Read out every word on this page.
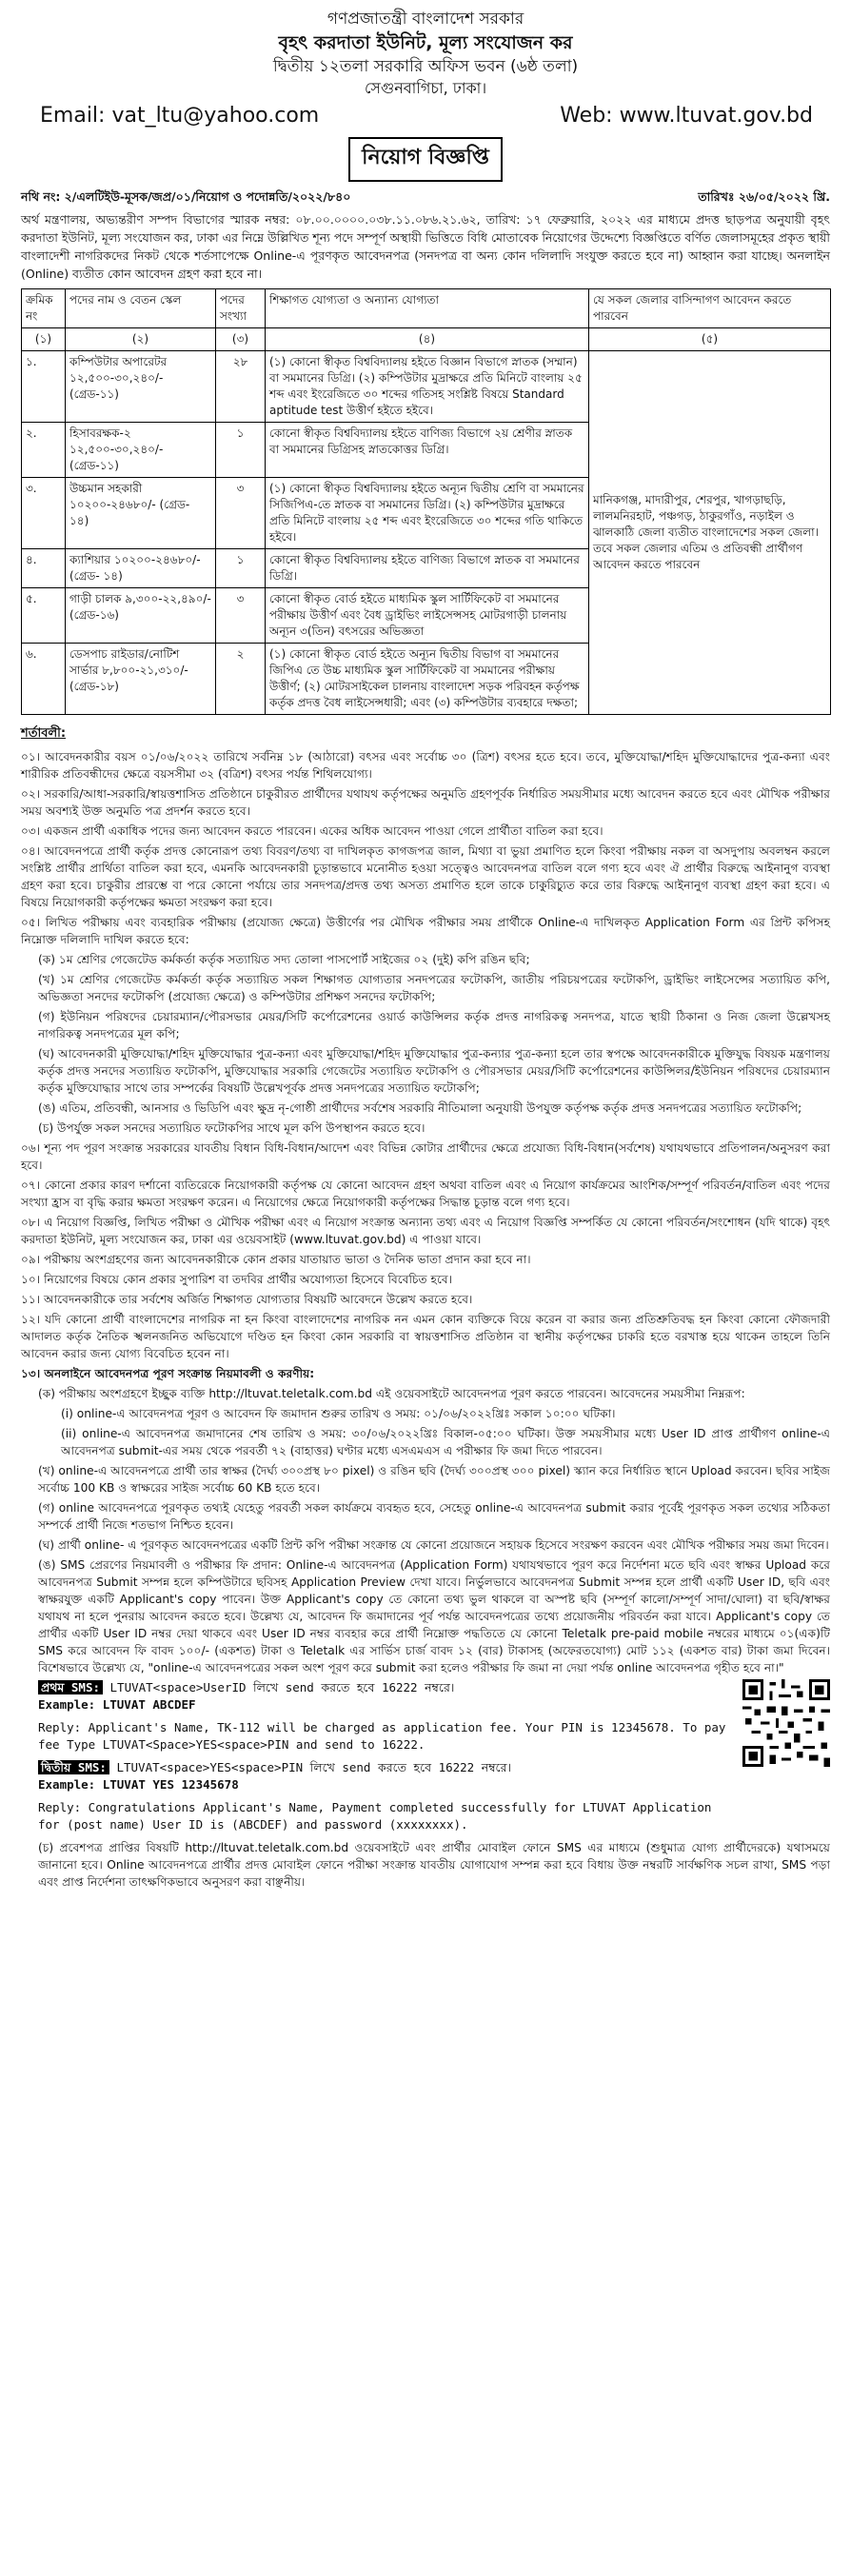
গণপ্রজাতন্ত্রী বাংলাদেশ সরকার
বৃহৎ করদাতা ইউনিট, মূল্য সংযোজন কর
দ্বিতীয় ১২তলা সরকারি অফিস ভবন (৬ষ্ঠ তলা)
সেগুনবাগিচা, ঢাকা।
Email: vat_ltu@yahoo.com	Web: www.ltuvat.gov.bd
নিয়োগ বিজ্ঞপ্তি
নথি নং: ২/এলটিইউ-মূসক/জপ্র/০১/নিয়োগ ও পদোন্নতি/২০২২/৮৪০	তারিখঃ ২৬/০৫/২০২২ খ্রি.

অর্থ মন্ত্রণালয়, অভ্যন্তরীণ সম্পদ বিভাগের স্মারক নম্বর: ০৮.০০.০০০০.০৩৮.১১.০৮৬.২১.৬২, তারিখ: ১৭ ফেব্রুয়ারি, ২০২২ এর মাধ্যমে প্রদত্ত ছাড়পত্র অনুযায়ী বৃহৎ করদাতা ইউনিট, মূল্য সংযোজন কর, ঢাকা এর নিম্নে উল্লিখিত শূন্য পদে সম্পূর্ণ অস্থায়ী ভিত্তিতে বিধি মোতাবেক নিয়োগের উদ্দেশ্যে বিজ্ঞপ্তিতে বর্ণিত জেলাসমূহের প্রকৃত স্থায়ী বাংলাদেশী নাগরিকদের নিকট থেকে শর্তসাপেক্ষে Online-এ পূরণকৃত আবেদনপত্র (সনদপত্র বা অন্য কোন দলিলাদি সংযুক্ত করতে হবে না) আহ্বান করা যাচ্ছে। অনলাইন (Online) ব্যতীত কোন আবেদন গ্রহণ করা হবে না।

ক্রমিক নং	পদের নাম ও বেতন স্কেল	পদের সংখ্যা	শিক্ষাগত যোগ্যতা ও অন্যান্য যোগ্যতা	যে সকল জেলার বাসিন্দাগণ আবেদন করতে পারবেন
(১)	(২)	(৩)	(৪)	(৫)
১.	কম্পিউটার অপারেটর ১২,৫০০-৩০,২৪০/- (গ্রেড-১১)	২৮	(১) কোনো স্বীকৃত বিশ্ববিদ্যালয় হইতে বিজ্ঞান বিভাগে স্নাতক (সম্মান) বা সমমানের ডিগ্রি। (২) কম্পিউটার মুদ্রাক্ষরে প্রতি মিনিটে বাংলায় ২৫ শব্দ এবং ইংরেজিতে ৩০ শব্দের গতিসহ সংশ্লিষ্ট বিষয়ে Standard aptitude test উত্তীর্ণ হইতে হইবে।	মানিকগঞ্জ, মাদারীপুর, শেরপুর, খাগড়াছড়ি, লালমনিরহাট, পঞ্চগড়, ঠাকুরগাঁও, নড়াইল ও ঝালকাঠি জেলা ব্যতীত বাংলাদেশের সকল জেলা। তবে সকল জেলার এতিম ও প্রতিবন্ধী প্রার্থীগণ আবেদন করতে পারবেন
২.	হিসাবরক্ষক-২ ১২,৫০০-৩০,২৪০/- (গ্রেড-১১)	১	কোনো স্বীকৃত বিশ্ববিদ্যালয় হইতে বাণিজ্য বিভাগে ২য় শ্রেণীর স্নাতক বা সমমানের ডিগ্রিসহ স্নাতকোত্তর ডিগ্রি।	
৩.	উচ্চমান সহকারী ১০২০০-২৪৬৮০/- (গ্রেড- ১৪)	৩	(১) কোনো স্বীকৃত বিশ্ববিদ্যালয় হইতে অন্যূন দ্বিতীয় শ্রেণি বা সমমানের সিজিপিএ-তে স্নাতক বা সমমানের ডিগ্রি। (২) কম্পিউটার মুদ্রাক্ষরে প্রতি মিনিটে বাংলায় ২৫ শব্দ এবং ইংরেজিতে ৩০ শব্দের গতি থাকিতে হইবে।	
৪.	ক্যাশিয়ার ১০২০০-২৪৬৮০/- (গ্রেড- ১৪)	১	কোনো স্বীকৃত বিশ্ববিদ্যালয় হইতে বাণিজ্য বিভাগে স্নাতক বা সমমানের ডিগ্রি।	
৫.	গাড়ী চালক ৯,৩০০-২২,৪৯০/- (গ্রেড-১৬)	৩	কোনো স্বীকৃত বোর্ড হইতে মাধ্যমিক স্কুল সার্টিফিকেট বা সমমানের পরীক্ষায় উত্তীর্ণ এবং বৈধ ড্রাইভিং লাইসেন্সসহ মোটরগাড়ী চালনায় অন্যূন ৩(তিন) বৎসরের অভিজ্ঞতা	
৬.	ডেসপাচ রাইডার/নোটিশ সার্ভার ৮,৮০০-২১,৩১০/- (গ্রেড-১৮)	২	(১) কোনো স্বীকৃত বোর্ড হইতে অন্যূন দ্বিতীয় বিভাগ বা সমমানের জিপিএ তে উচ্চ মাধ্যমিক স্কুল সার্টিফিকেট বা সমমানের পরীক্ষায় উত্তীর্ণ; (২) মোটরসাইকেল চালনায় বাংলাদেশ সড়ক পরিবহন কর্তৃপক্ষ কর্তৃক প্রদত্ত বৈধ লাইসেন্সধারী; এবং (৩) কম্পিউটার ব্যবহারে দক্ষতা;	
শর্তাবলী:
০১। আবেদনকারীর বয়স ০১/০৬/২০২২ তারিখে সর্বনিম্ন ১৮ (আঠারো) বৎসর এবং সর্বোচ্চ ৩০ (ত্রিশ) বৎসর হতে হবে। তবে, মুক্তিযোদ্ধা/শহিদ মুক্তিযোদ্ধাদের পুত্র-কন্যা এবং শারীরিক প্রতিবন্ধীদের ক্ষেত্রে বয়সসীমা ৩২ (বত্রিশ) বৎসর পর্যন্ত শিথিলযোগ্য।
০২। সরকারি/আধা-সরকারি/স্বায়ত্তশাসিত প্রতিষ্ঠানে চাকুরীরত প্রার্থীদের যথাযথ কর্তৃপক্ষের অনুমতি গ্রহণপূর্বক নির্ধারিত সময়সীমার মধ্যে আবেদন করতে হবে এবং মৌখিক পরীক্ষার সময় অবশ্যই উক্ত অনুমতি পত্র প্রদর্শন করতে হবে।
০৩। একজন প্রার্থী একাধিক পদের জন্য আবেদন করতে পারবেন। একের অধিক আবেদন পাওয়া গেলে প্রার্থীতা বাতিল করা হবে।
০৪। আবেদনপত্রে প্রার্থী কর্তৃক প্রদত্ত কোনোরূপ তথ্য বিবরণ/তথ্য বা দাখিলকৃত কাগজপত্র জাল, মিথ্যা বা ভুয়া প্রমাণিত হলে কিংবা পরীক্ষায় নকল বা অসদুপায় অবলম্বন করলে সংশ্লিষ্ট প্রার্থীর প্রার্থিতা বাতিল করা হবে, এমনকি আবেদনকারী চূড়ান্তভাবে মনোনীত হওয়া সত্ত্বেও আবেদনপত্র বাতিল বলে গণ্য হবে এবং ঐ প্রার্থীর বিরুদ্ধে আইনানুগ ব্যবস্থা গ্রহণ করা হবে। চাকুরীর প্রারম্ভে বা পরে কোনো পর্যায়ে তার সনদপত্র/প্রদত্ত তথ্য অসত্য প্রমাণিত হলে তাকে চাকুরিচ্যুত করে তার বিরুদ্ধে আইনানুগ ব্যবস্থা গ্রহণ করা হবে। এ বিষয়ে নিয়োগকারী কর্তৃপক্ষের ক্ষমতা সংরক্ষণ করা হবে।
০৫। লিখিত পরীক্ষায় এবং ব্যবহারিক পরীক্ষায় (প্রযোজ্য ক্ষেত্রে) উত্তীর্ণের পর মৌখিক পরীক্ষার সময় প্রার্থীকে Online-এ দাখিলকৃত Application Form এর প্রিন্ট কপিসহ নিম্নোক্ত দলিলাদি দাখিল করতে হবে:
(ক) ১ম শ্রেণির গেজেটেড কর্মকর্তা কর্তৃক সত্যায়িত সদ্য তোলা পাসপোর্ট সাইজের ০২ (দুই) কপি রঙিন ছবি;
(খ) ১ম শ্রেণির গেজেটেড কর্মকর্তা কর্তৃক সত্যায়িত সকল শিক্ষাগত যোগ্যতার সনদপত্রের ফটোকপি, জাতীয় পরিচয়পত্রের ফটোকপি, ড্রাইভিং লাইসেন্সের সত্যায়িত কপি, অভিজ্ঞতা সনদের ফটোকপি (প্রযোজ্য ক্ষেত্রে) ও কম্পিউটার প্রশিক্ষণ সনদের ফটোকপি;
(গ) ইউনিয়ন পরিষদের চেয়ারম্যান/পৌরসভার মেয়র/সিটি কর্পোরেশনের ওয়ার্ড কাউন্সিলর কর্তৃক প্রদত্ত নাগরিকত্ব সনদপত্র, যাতে স্থায়ী ঠিকানা ও নিজ জেলা উল্লেখসহ নাগরিকত্ব সনদপত্রের মূল কপি;
(ঘ) আবেদনকারী মুক্তিযোদ্ধা/শহিদ মুক্তিযোদ্ধার পুত্র-কন্যা এবং মুক্তিযোদ্ধা/শহিদ মুক্তিযোদ্ধার পুত্র-কন্যার পুত্র-কন্যা হলে তার স্বপক্ষে আবেদনকারীকে মুক্তিযুদ্ধ বিষয়ক মন্ত্রণালয় কর্তৃক প্রদত্ত সনদের সত্যায়িত ফটোকপি, মুক্তিযোদ্ধার সরকারি গেজেটের সত্যায়িত ফটোকপি ও পৌরসভার মেয়র/সিটি কর্পোরেশনের কাউন্সিলর/ইউনিয়ন পরিষদের চেয়ারম্যান কর্তৃক মুক্তিযোদ্ধার সাথে তার সম্পর্কের বিষয়টি উল্লেখপূর্বক প্রদত্ত সনদপত্রের সত্যায়িত ফটোকপি;
(ঙ) এতিম, প্রতিবন্ধী, আনসার ও ভিডিপি এবং ক্ষুদ্র নৃ-গোষ্ঠী প্রার্থীদের সর্বশেষ সরকারি নীতিমালা অনুযায়ী উপযুক্ত কর্তৃপক্ষ কর্তৃক প্রদত্ত সনদপত্রের সত্যায়িত ফটোকপি;
(চ) উপর্যুক্ত সকল সনদের সত্যায়িত ফটোকপির সাথে মূল কপি উপস্থাপন করতে হবে।
০৬। শূন্য পদ পূরণ সংক্রান্ত সরকারের যাবতীয় বিধান বিধি-বিধান/আদেশ এবং বিভিন্ন কোটার প্রার্থীদের ক্ষেত্রে প্রযোজ্য বিধি-বিধান(সর্বশেষ) যথাযথভাবে প্রতিপালন/অনুসরণ করা হবে।
০৭। কোনো প্রকার কারণ দর্শানো ব্যতিরেকে নিয়োগকারী কর্তৃপক্ষ যে কোনো আবেদন গ্রহণ অথবা বাতিল এবং এ নিয়োগ কার্যক্রমের আংশিক/সম্পূর্ণ পরিবর্তন/বাতিল এবং পদের সংখ্যা হ্রাস বা বৃদ্ধি করার ক্ষমতা সংরক্ষণ করেন। এ নিয়োগের ক্ষেত্রে নিয়োগকারী কর্তৃপক্ষের সিদ্ধান্ত চূড়ান্ত বলে গণ্য হবে।
০৮। এ নিয়োগ বিজ্ঞপ্তি, লিখিত পরীক্ষা ও মৌখিক পরীক্ষা এবং এ নিয়োগ সংক্রান্ত অন্যান্য তথ্য এবং এ নিয়োগ বিজ্ঞপ্তি সম্পর্কিত যে কোনো পরিবর্তন/সংশোধন (যদি থাকে) বৃহৎ করদাতা ইউনিট, মূল্য সংযোজন কর, ঢাকা এর ওয়েবসাইট (www.ltuvat.gov.bd) এ পাওয়া যাবে।
০৯। পরীক্ষায় অংশগ্রহণের জন্য আবেদনকারীকে কোন প্রকার যাতায়াত ভাতা ও দৈনিক ভাতা প্রদান করা হবে না।
১০। নিয়োগের বিষয়ে কোন প্রকার সুপারিশ বা তদবির প্রার্থীর অযোগ্যতা হিসেবে বিবেচিত হবে।
১১। আবেদনকারীকে তার সর্বশেষ অর্জিত শিক্ষাগত যোগ্যতার বিষয়টি আবেদনে উল্লেখ করতে হবে।
১২। যদি কোনো প্রার্থী বাংলাদেশের নাগরিক না হন কিংবা বাংলাদেশের নাগরিক নন এমন কোন ব্যক্তিকে বিয়ে করেন বা করার জন্য প্রতিশ্রুতিবদ্ধ হন কিংবা কোনো ফৌজদারী আদালত কর্তৃক নৈতিক স্খলনজনিত অভিযোগে দণ্ডিত হন কিংবা কোন সরকারি বা স্বায়ত্তশাসিত প্রতিষ্ঠান বা স্থানীয় কর্তৃপক্ষের চাকরি হতে বরখাস্ত হয়ে থাকেন তাহলে তিনি আবেদন করার জন্য যোগ্য বিবেচিত হবেন না।
১৩। অনলাইনে আবেদনপত্র পূরণ সংক্রান্ত নিয়মাবলী ও করণীয়:
(ক) পরীক্ষায় অংশগ্রহণে ইচ্ছুক ব্যক্তি http://ltuvat.teletalk.com.bd এই ওয়েবসাইটে আবেদনপত্র পূরণ করতে পারবেন। আবেদনের সময়সীমা নিম্নরূপ:
(i) online-এ আবেদনপত্র পূরণ ও আবেদন ফি জমাদান শুরুর তারিখ ও সময়: ০১/০৬/২০২২খ্রিঃ সকাল ১০:০০ ঘটিকা।
(ii) online-এ আবেদনপত্র জমাদানের শেষ তারিখ ও সময়: ৩০/০৬/২০২২খ্রিঃ বিকাল-০৫:০০ ঘটিকা। উক্ত সময়সীমার মধ্যে User ID প্রাপ্ত প্রার্থীগণ online-এ আবেদনপত্র submit-এর সময় থেকে পরবর্তী ৭২ (বাহাত্তর) ঘণ্টার মধ্যে এসএমএস এ পরীক্ষার ফি জমা দিতে পারবেন।
(খ) online-এ আবেদনপত্রে প্রার্থী তার স্বাক্ষর (দৈর্ঘ্য ৩০০প্রস্থ ৮০ pixel) ও রঙিন ছবি (দৈর্ঘ্য ৩০০প্রস্থ ৩০০ pixel) স্ক্যান করে নির্ধারিত স্থানে Upload করবেন। ছবির সাইজ সর্বোচ্চ 100 KB ও স্বাক্ষরের সাইজ সর্বোচ্চ 60 KB হতে হবে।
(গ) online আবেদনপত্রে পূরণকৃত তথ্যই যেহেতু পরবর্তী সকল কার্যক্রমে ব্যবহৃত হবে, সেহেতু online-এ আবেদনপত্র submit করার পূর্বেই পূরণকৃত সকল তথ্যের সঠিকতা সম্পর্কে প্রার্থী নিজে শতভাগ নিশ্চিত হবেন।
(ঘ) প্রার্থী online- এ পূরণকৃত আবেদনপত্রের একটি প্রিন্ট কপি পরীক্ষা সংক্রান্ত যে কোনো প্রয়োজনে সহায়ক হিসেবে সংরক্ষণ করবেন এবং মৌখিক পরীক্ষার সময় জমা দিবেন।
(ঙ) SMS প্রেরণের নিয়মাবলী ও পরীক্ষার ফি প্রদান: Online-এ আবেদনপত্র (Application Form) যথাযথভাবে পূরণ করে নির্দেশনা মতে ছবি এবং স্বাক্ষর Upload করে আবেদনপত্র Submit সম্পন্ন হলে কম্পিউটারে ছবিসহ Application Preview দেখা যাবে। নির্ভুলভাবে আবেদনপত্র Submit সম্পন্ন হলে প্রার্থী একটি User ID, ছবি এবং স্বাক্ষরযুক্ত একটি Applicant's copy পাবেন। উক্ত Applicant's copy তে কোনো তথ্য ভুল থাকলে বা অস্পষ্ট ছবি (সম্পূর্ণ কালো/সম্পূর্ণ সাদা/ঘোলা) বা ছবি/স্বাক্ষর যথাযথ না হলে পুনরায় আবেদন করতে হবে। উল্লেখ্য যে, আবেদন ফি জমাদানের পূর্ব পর্যন্ত আবেদনপত্রের তথ্যে প্রয়োজনীয় পরিবর্তন করা যাবে। Applicant's copy তে প্রার্থীর একটি User ID নম্বর দেয়া থাকবে এবং User ID নম্বর ব্যবহার করে প্রার্থী নিম্নোক্ত পদ্ধতিতে যে কোনো Teletalk pre-paid mobile নম্বরের মাধ্যমে ০১(এক)টি SMS করে আবেদন ফি বাবদ ১০০/- (একশত) টাকা ও Teletalk এর সার্ভিস চার্জ বাবদ ১২ (বার) টাকাসহ (অফেরতযোগ্য) মোট ১১২ (একশত বার) টাকা জমা দিবেন। বিশেষভাবে উল্লেখ্য যে, "online-এ আবেদনপত্রের সকল অংশ পূরণ করে submit করা হলেও পরীক্ষার ফি জমা না দেয়া পর্যন্ত online আবেদনপত্র গৃহীত হবে না।"
প্রথম SMS: LTUVAT<space>UserID লিখে send করতে হবে 16222 নম্বরে।
Example: LTUVAT ABCDEF
Reply: Applicant's Name, TK-112 will be charged as application fee. Your PIN is 12345678. To pay fee Type LTUVAT<Space>YES<space>PIN and send to 16222.
দ্বিতীয় SMS: LTUVAT<space>YES<space>PIN লিখে send করতে হবে 16222 নম্বরে।
Example: LTUVAT YES 12345678
Reply: Congratulations Applicant's Name, Payment completed successfully for LTUVAT Application for (post name) User ID is (ABCDEF) and password (xxxxxxxx).
(চ) প্রবেশপত্র প্রাপ্তির বিষয়টি http://ltuvat.teletalk.com.bd ওয়েবসাইটে এবং প্রার্থীর মোবাইল ফোনে SMS এর মাধ্যমে (শুধুমাত্র যোগ্য প্রার্থীদেরকে) যথাসময়ে জানানো হবে। Online আবেদনপত্রে প্রার্থীর প্রদত্ত মোবাইল ফোনে পরীক্ষা সংক্রান্ত যাবতীয় যোগাযোগ সম্পন্ন করা হবে বিধায় উক্ত নম্বরটি সার্বক্ষণিক সচল রাখা, SMS পড়া এবং প্রাপ্ত নির্দেশনা তাৎক্ষণিকভাবে অনুসরণ করা বাঞ্ছনীয়।
